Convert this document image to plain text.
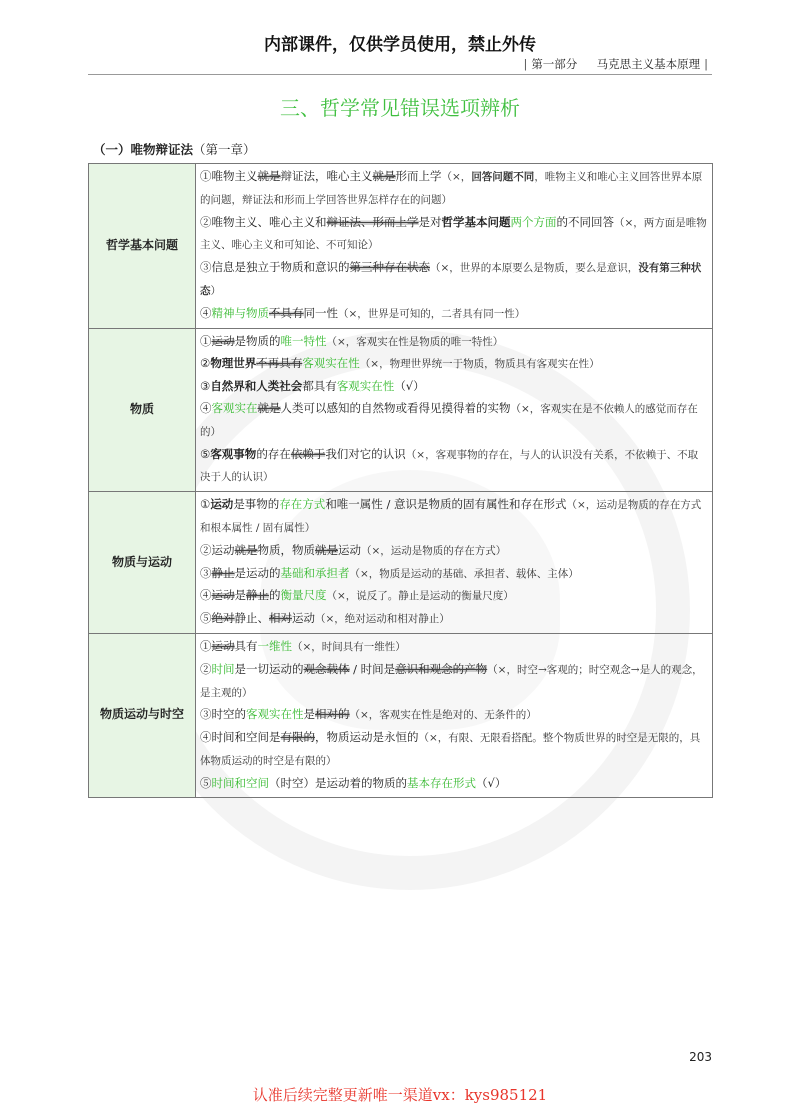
内部课件，仅供学员使用，禁止外传
| 第一部分 马克思主义基本原理 |
三、哲学常见错误选项辨析
（一）唯物辩证法（第一章）
哲学基本问题	①唯物主义就是辩证法，唯心主义就是形而上学（×，回答问题不同，唯物主义和唯心主义回答世界本原的问题，辩证法和形而上学回答世界怎样存在的问题）
②唯物主义、唯心主义和辩证法、形而上学是对哲学基本问题两个方面的不同回答（×，两方面是唯物主义、唯心主义和可知论、不可知论）
③信息是独立于物质和意识的第三种存在状态（×，世界的本原要么是物质，要么是意识，没有第三种状态）
④精神与物质不具有同一性（×，世界是可知的，二者具有同一性）

物质	①运动是物质的唯一特性（×，客观实在性是物质的唯一特性）
②物理世界不再具有客观实在性（×，物理世界统一于物质，物质具有客观实在性）
③自然界和人类社会都具有客观实在性（√）
④客观实在就是人类可以感知的自然物或看得见摸得着的实物（×，客观实在是不依赖人的感觉而存在的）
⑤客观事物的存在依赖于我们对它的认识（×，客观事物的存在，与人的认识没有关系，不依赖于、不取决于人的认识）

物质与运动	①运动是事物的存在方式和唯一属性 / 意识是物质的固有属性和存在形式（×，运动是物质的存在方式和根本属性 / 固有属性）
②运动就是物质，物质就是运动（×，运动是物质的存在方式）
③静止是运动的基础和承担者（×，物质是运动的基础、承担者、载体、主体）
④运动是静止的衡量尺度（×，说反了。静止是运动的衡量尺度）
⑤绝对静止、相对运动（×，绝对运动和相对静止）

物质运动与时空	①运动具有一维性（×，时间具有一维性）
②时间是一切运动的观念载体 / 时间是意识和观念的产物（×，时空→客观的；时空观念→是人的观念，是主观的）
③时空的客观实在性是相对的（×，客观实在性是绝对的、无条件的）
④时间和空间是有限的，物质运动是永恒的（×，有限、无限看搭配。整个物质世界的时空是无限的，具体物质运动的时空是有限的）
⑤时间和空间（时空）是运动着的物质的基本存在形式（√）
203
认准后续完整更新唯一渠道vx：kys985121
